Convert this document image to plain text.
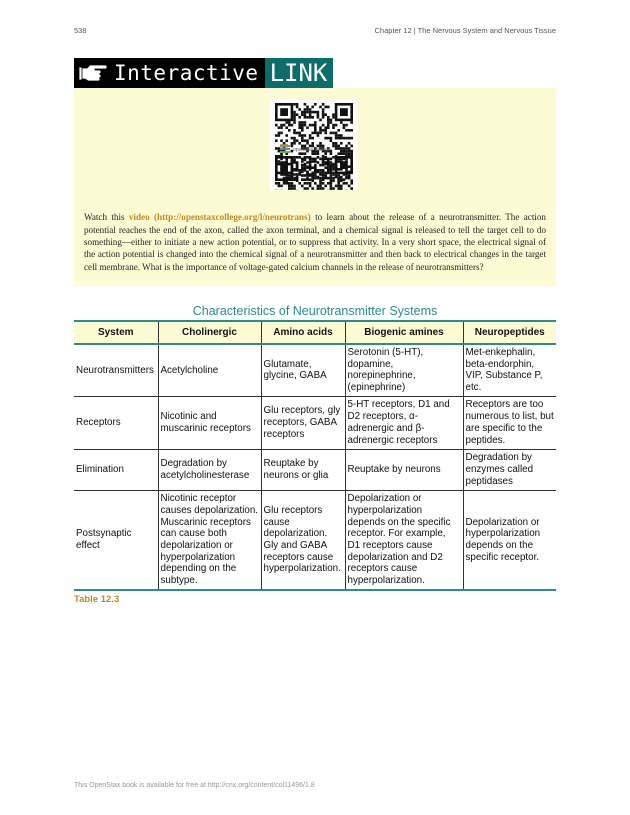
538	Chapter 12 | The Nervous System and Nervous Tissue
Interactive LINK
openstax college

Watch this video (http://openstaxcollege.org/l/neurotrans) to learn about the release of a neurotransmitter. The action potential reaches the end of the axon, called the axon terminal, and a chemical signal is released to tell the target cell to do something—either to initiate a new action potential, or to suppress that activity. In a very short space, the electrical signal of the action potential is changed into the chemical signal of a neurotransmitter and then back to electrical changes in the target cell membrane. What is the importance of voltage-gated calcium channels in the release of neurotransmitters?

Characteristics of Neurotransmitter Systems
System	Cholinergic	Amino acids	Biogenic amines	Neuropeptides
Neurotransmitters	Acetylcholine	Glutamate, glycine, GABA	Serotonin (5-HT), dopamine, norepinephrine, (epinephrine)	Met-enkephalin, beta-endorphin, VIP, Substance P, etc.
Receptors	Nicotinic and muscarinic receptors	Glu receptors, gly receptors, GABA receptors	5-HT receptors, D1 and D2 receptors, α-adrenergic and β-adrenergic receptors	Receptors are too numerous to list, but are specific to the peptides.
Elimination	Degradation by acetylcholinesterase	Reuptake by neurons or glia	Reuptake by neurons	Degradation by enzymes called peptidases
Postsynaptic effect	Nicotinic receptor causes depolarization. Muscarinic receptors can cause both depolarization or hyperpolarization depending on the subtype.	Glu receptors cause depolarization. Gly and GABA receptors cause hyperpolarization.	Depolarization or hyperpolarization depends on the specific receptor. For example, D1 receptors cause depolarization and D2 receptors cause hyperpolarization.	Depolarization or hyperpolarization depends on the specific receptor.
Table 12.3
This OpenStax book is available for free at http://cnx.org/content/col11496/1.8
